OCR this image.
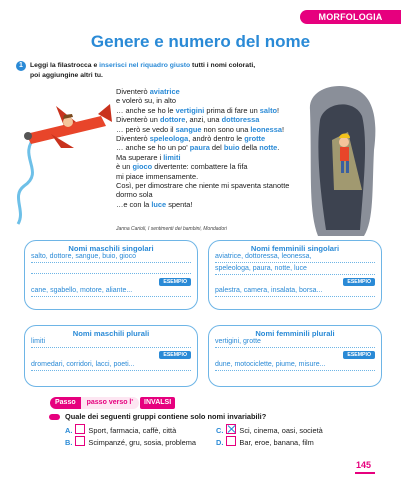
MORFOLOGIA
Genere e numero del nome
1	Leggi la filastrocca e inserisci nel riquadro giusto tutti i nomi colorati,
poi aggiungine altri tu.
Diventerò aviatrice
e volerò su, in alto
… anche se ho le vertigini prima di fare un salto!
Diventerò un dottore, anzi, una dottoressa
… però se vedo il sangue non sono una leonessa!
Diventerò speleologa, andrò dentro le grotte
… anche se ho un po' paura del buio della notte.
Ma superare i limiti
è un gioco divertente: combattere la fifa
mi piace immensamente.
Così, per dimostrare che niente mi spaventa stanotte
dormo sola
…e con la luce spenta!
Janna Carioli, I sentimenti dei bambini, Mondadori
Nomi maschili singolari
salto, dottore, sangue, buio, gioco
ESEMPIO
cane, sgabello, motore, aliante...
Nomi femminili singolari
aviatrice, dottoressa, leonessa,
speleologa, paura, notte, luce
ESEMPIO
palestra, camera, insalata, borsa...
Nomi maschili plurali
limiti
ESEMPIO
dromedari, corridori, lacci, poeti...
Nomi femminili plurali
vertigini, grotte
ESEMPIO
dune, motociclette, piume, misure...
Passo	passo verso l'	INVALSI
Quale dei seguenti gruppi contiene solo nomi invariabili?
A. Sport, farmacia, caffè, città
B. Scimpanzé, gru, sosia, problema
C. Sci, cinema, oasi, società
D. Bar, eroe, banana, film
145
